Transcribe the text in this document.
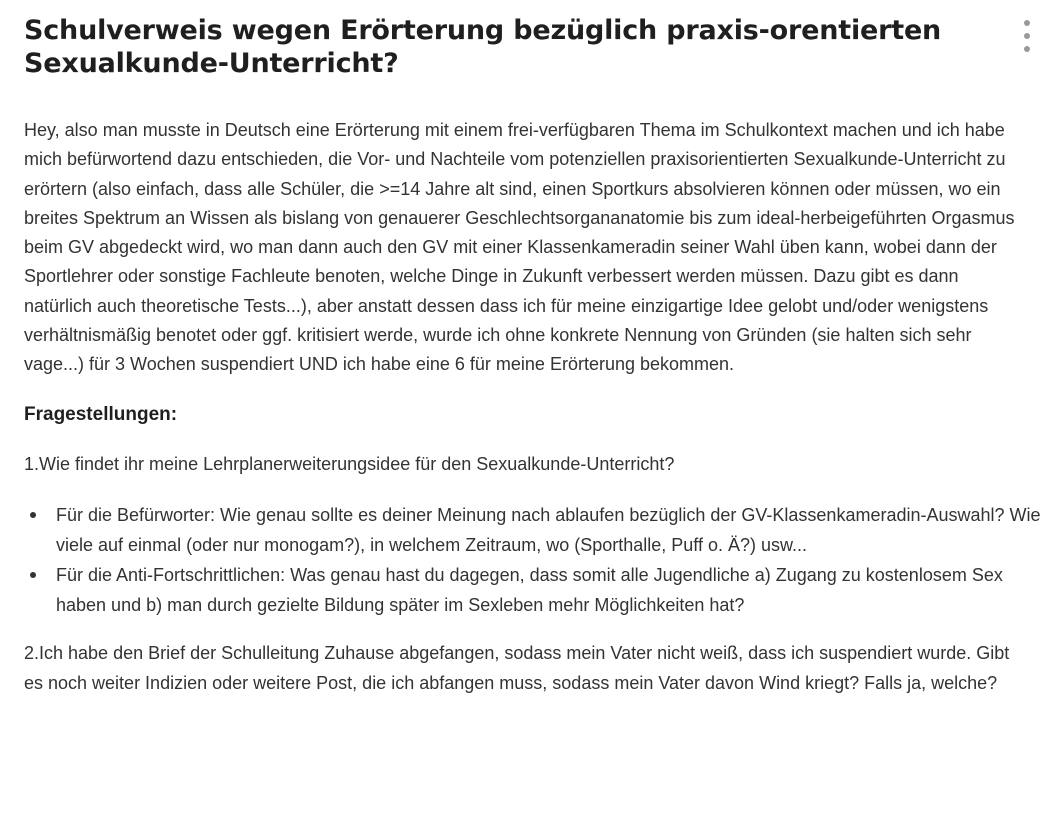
Schulverweis wegen Erörterung bezüglich praxis-orentierten Sexualkunde-Unterricht?
Hey, also man musste in Deutsch eine Erörterung mit einem frei-verfügbaren Thema im Schulkontext machen und ich habe mich befürwortend dazu entschieden, die Vor- und Nachteile vom potenziellen praxisorientierten Sexualkunde-Unterricht zu erörtern (also einfach, dass alle Schüler, die >=14 Jahre alt sind, einen Sportkurs absolvieren können oder müssen, wo ein breites Spektrum an Wissen als bislang von genauerer Geschlechtsorgananatomie bis zum ideal-herbeigeführten Orgasmus beim GV abgedeckt wird, wo man dann auch den GV mit einer Klassenkameradin seiner Wahl üben kann, wobei dann der Sportlehrer oder sonstige Fachleute benoten, welche Dinge in Zukunft verbessert werden müssen. Dazu gibt es dann natürlich auch theoretische Tests...), aber anstatt dessen dass ich für meine einzigartige Idee gelobt und/oder wenigstens verhältnismäßig benotet oder ggf. kritisiert werde, wurde ich ohne konkrete Nennung von Gründen (sie halten sich sehr vage...) für 3 Wochen suspendiert UND ich habe eine 6 für meine Erörterung bekommen.
Fragestellungen:
1.Wie findet ihr meine Lehrplanerweiterungsidee für den Sexualkunde-Unterricht?
Für die Befürworter: Wie genau sollte es deiner Meinung nach ablaufen bezüglich der GV-Klassenkameradin-Auswahl? Wie viele auf einmal (oder nur monogam?), in welchem Zeitraum, wo (Sporthalle, Puff o. Ä?) usw...
Für die Anti-Fortschrittlichen: Was genau hast du dagegen, dass somit alle Jugendliche a) Zugang zu kostenlosem Sex haben und b) man durch gezielte Bildung später im Sexleben mehr Möglichkeiten hat?
2.Ich habe den Brief der Schulleitung Zuhause abgefangen, sodass mein Vater nicht weiß, dass ich suspendiert wurde. Gibt es noch weiter Indizien oder weitere Post, die ich abfangen muss, sodass mein Vater davon Wind kriegt? Falls ja, welche?
